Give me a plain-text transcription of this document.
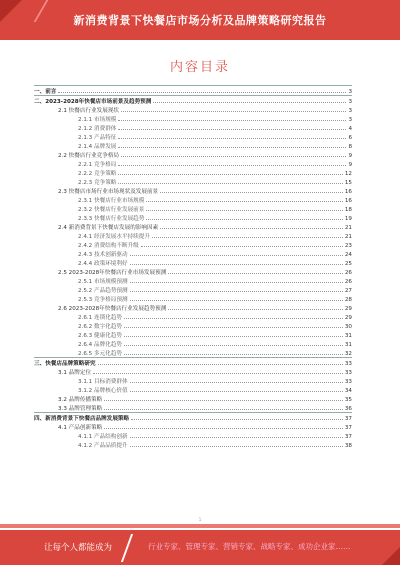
新消费背景下快餐店市场分析及品牌策略研究报告
内容目录
一、前言	3
二、2023-2028年快餐店市场前景及趋势预测	3
2.1 快餐店行业发展现状	3
2.1.1 市场规模	3
2.1.2 消费群体	4
2.1.3 产品特征	6
2.1.4 品牌发展	8
2.2 快餐店行业竞争格局	9
2.2.1 竞争格局	9
2.2.2 竞争策略	12
2.2.3 竞争策略	15
2.3 快餐店市场行业市场现状及发展前景	16
2.3.1 快餐店行业市场规模	16
2.3.2 快餐店行业发展前景	18
2.3.3 快餐店行业发展趋势	19
2.4 新消费背景下快餐店发展的影响因素	21
2.4.1 经济发展水平持续提升	21
2.4.2 消费结构不断升级	23
2.4.3 技术创新驱动	24
2.4.4 政策环境利好	25
2.5 2023-2028年快餐店行业市场发展预测	26
2.5.1 市场规模预测	26
2.5.2 产品趋势预测	27
2.5.3 竞争格局预测	28
2.6 2023-2028年快餐店行业发展趋势预测	29
2.6.1 连锁化趋势	29
2.6.2 数字化趋势	30
2.6.3 健康化趋势	31
2.6.4 品牌化趋势	31
2.6.5 多元化趋势	32
三、快餐店品牌策略研究	33
3.1 品牌定位	33
3.1.1 目标消费群体	33
3.1.2 品牌核心价值	34
3.2 品牌传播策略	35
3.3 品牌管理策略	36
四、新消费背景下快餐店品牌发展策略	37
4.1 产品创新策略	37
4.1.1 产品结构创新	37
4.1.2 产品品质提升	38
1
让每个人都能成为	行业专家、管理专家、营销专家、战略专家、成功企业家……
